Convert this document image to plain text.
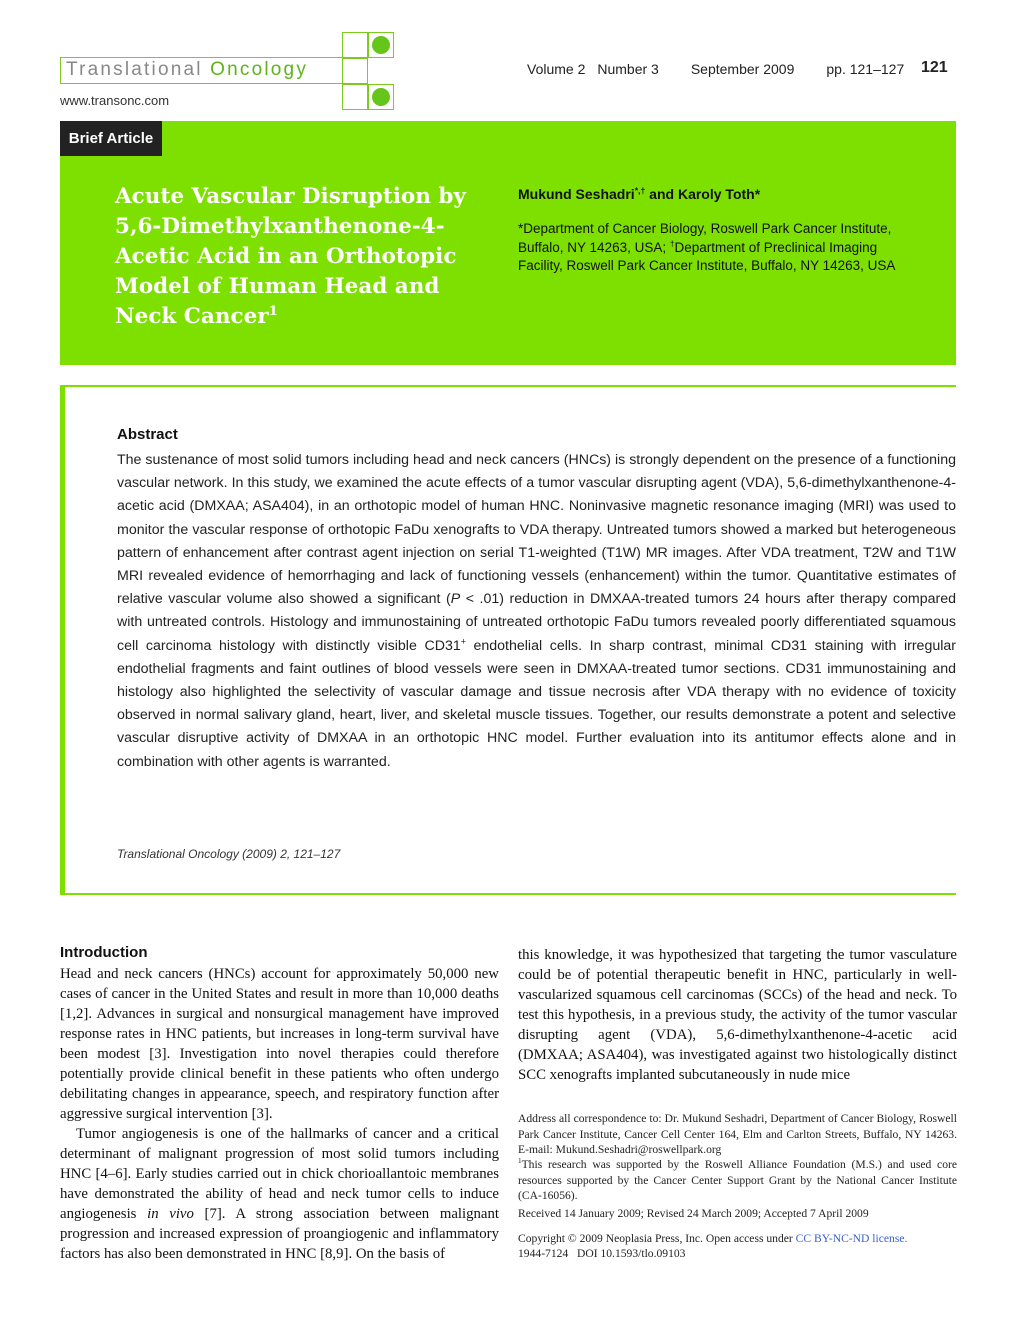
Translational Oncology
www.transonc.com
Volume 2 Number 3 September 2009 pp. 121–127	121
Brief Article
Acute Vascular Disruption by 5,6-Dimethylxanthenone-4-Acetic Acid in an Orthotopic Model of Human Head and Neck Cancer$^1$
Mukund Seshadri*,† and Karoly Toth*
*Department of Cancer Biology, Roswell Park Cancer Institute, Buffalo, NY 14263, USA; †Department of Preclinical Imaging Facility, Roswell Park Cancer Institute, Buffalo, NY 14263, USA
Abstract
The sustenance of most solid tumors including head and neck cancers (HNCs) is strongly dependent on the presence of a functioning vascular network. In this study, we examined the acute effects of a tumor vascular disrupting agent (VDA), 5,6-dimethylxanthenone-4-acetic acid (DMXAA; ASA404), in an orthotopic model of human HNC. Noninvasive magnetic resonance imaging (MRI) was used to monitor the vascular response of orthotopic FaDu xenografts to VDA therapy. Untreated tumors showed a marked but heterogeneous pattern of enhancement after contrast agent injection on serial T1-weighted (T1W) MR images. After VDA treatment, T2W and T1W MRI revealed evidence of hemorrhaging and lack of functioning vessels (enhancement) within the tumor. Quantitative estimates of relative vascular volume also showed a significant (P < .01) reduction in DMXAA-treated tumors 24 hours after therapy compared with untreated controls. Histology and immunostaining of untreated orthotopic FaDu tumors revealed poorly differentiated squamous cell carcinoma histology with distinctly visible CD31+ endothelial cells. In sharp contrast, minimal CD31 staining with irregular endothelial fragments and faint outlines of blood vessels were seen in DMXAA-treated tumor sections. CD31 immunostaining and histology also highlighted the selectivity of vascular damage and tissue necrosis after VDA therapy with no evidence of toxicity observed in normal salivary gland, heart, liver, and skeletal muscle tissues. Together, our results demonstrate a potent and selective vascular disruptive activity of DMXAA in an orthotopic HNC model. Further evaluation into its antitumor effects alone and in combination with other agents is warranted.
Translational Oncology (2009) 2, 121–127
Introduction

Head and neck cancers (HNCs) account for approximately 50,000 new cases of cancer in the United States and result in more than 10,000 deaths [1,2]. Advances in surgical and nonsurgical management have improved response rates in HNC patients, but increases in long-term survival have been modest [3]. Investigation into novel therapies could therefore potentially provide clinical benefit in these patients who often undergo debilitating changes in appearance, speech, and respiratory function after aggressive surgical intervention [3].

Tumor angiogenesis is one of the hallmarks of cancer and a critical determinant of malignant progression of most solid tumors including HNC [4–6]. Early studies carried out in chick chorioallantoic membranes have demonstrated the ability of head and neck tumor cells to induce angiogenesis in vivo [7]. A strong association between malignant progression and increased expression of proangiogenic and inflammatory factors has also been demonstrated in HNC [8,9]. On the basis of

this knowledge, it was hypothesized that targeting the tumor vasculature could be of potential therapeutic benefit in HNC, particularly in well-vascularized squamous cell carcinomas (SCCs) of the head and neck. To test this hypothesis, in a previous study, the activity of the tumor vascular disrupting agent (VDA), 5,6-dimethylxanthenone-4-acetic acid (DMXAA; ASA404), was investigated against two histologically distinct SCC xenografts implanted subcutaneously in nude mice

Address all correspondence to: Dr. Mukund Seshadri, Department of Cancer Biology, Roswell Park Cancer Institute, Cancer Cell Center 164, Elm and Carlton Streets, Buffalo, NY 14263. E-mail: Mukund.Seshadri@roswellpark.org
$^1$This research was supported by the Roswell Alliance Foundation (M.S.) and used core resources supported by the Cancer Center Support Grant by the National Cancer Institute (CA-16056).
Received 14 January 2009; Revised 24 March 2009; Accepted 7 April 2009
Copyright © 2009 Neoplasia Press, Inc. Open access under CC BY-NC-ND license.
1944-7124 DOI 10.1593/tlo.09103
